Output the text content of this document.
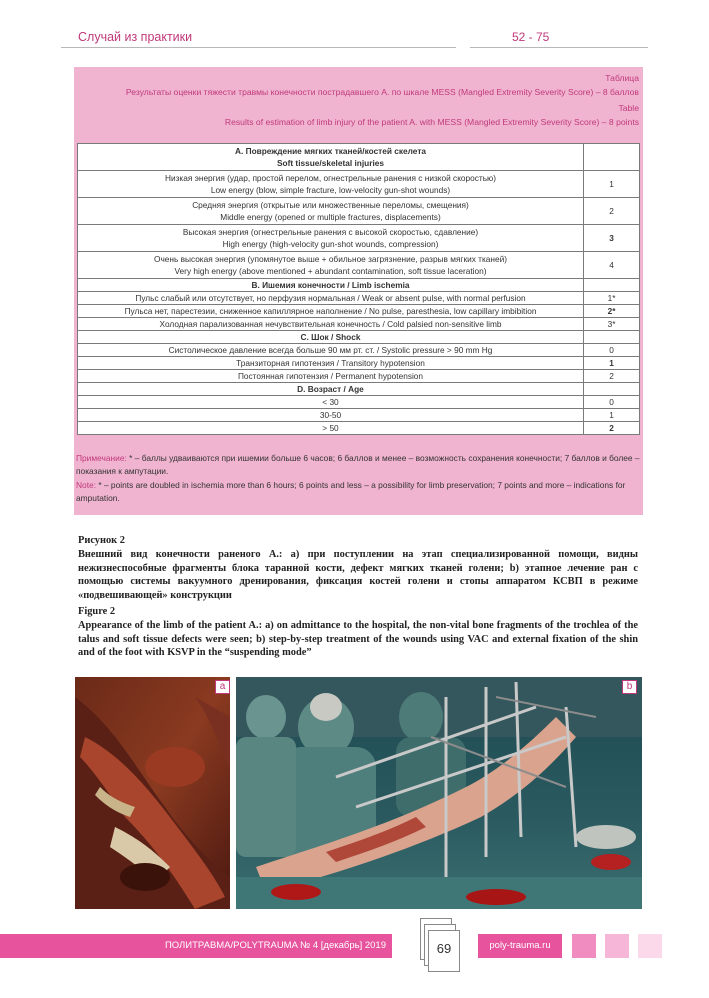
Случай из практики	52 - 75
Таблица
Результаты оценки тяжести травмы конечности пострадавшего А. по шкале MESS (Mangled Extremity Severity Score) – 8 баллов
Table
Results of estimation of limb injury of the patient A. with MESS (Mangled Extremity Severity Score) – 8 points
A. Повреждение мягких тканей/костей скелета
Soft tissue/skeletal injuries	

Низкая энергия (удар, простой перелом, огнестрельные ранения с низкой скоростью)
Low energy (blow, simple fracture, low-velocity gun-shot wounds)	1

Средняя энергия (открытые или множественные переломы, смещения)
Middle energy (opened or multiple fractures, displacements)	2

Высокая энергия (огнестрельные ранения с высокой скоростью, сдавление)
High energy (high-velocity gun-shot wounds, compression)	3

Очень высокая энергия (упомянутое выше + обильное загрязнение, разрыв мягких тканей)
Very high energy (above mentioned + abundant contamination, soft tissue laceration)	4
B. Ишемия конечности / Limb ischemia	
Пульс слабый или отсутствует, но перфузия нормальная / Weak or absent pulse, with normal perfusion	1*
Пульса нет, парестезии, сниженное капиллярное наполнение / No pulse, paresthesia, low capillary imbibition	2*
Холодная парализованная нечувствительная конечность / Cold palsied non-sensitive limb	3*
C. Шок / Shock	
Систолическое давление всегда больше 90 мм рт. ст. / Systolic pressure > 90 mm Hg	0
Транзиторная гипотензия / Transitory hypotension	1
Постоянная гипотензия / Permanent hypotension	2
D. Возраст / Age	
< 30	0
30-50	1
> 50	2
Примечание: * – баллы удваиваются при ишемии больше 6 часов; 6 баллов и менее – возможность сохранения конечности; 7 баллов и более – показания к ампутации.
Note: * – points are doubled in ischemia more than 6 hours; 6 points and less – a possibility for limb preservation; 7 points and more – indications for amputation.
Рисунок 2
Внешний вид конечности раненого А.: а) при поступлении на этап специализированной помощи, видны нежизнеспособные фрагменты блока таранной кости, дефект мягких тканей голени; b) этапное лечение ран с помощью системы вакуумного дренирования, фиксация костей голени и стопы аппаратом КСВП в режиме «подвешивающей» конструкции
Figure 2
Appearance of the limb of the patient A.: a) on admittance to the hospital, the non-vital bone fragments of the trochlea of the talus and soft tissue defects were seen; b) step-by-step treatment of the wounds using VAC and external fixation of the shin and of the foot with KSVP in the “suspending mode”
a	b
ПОЛИТРАВМА/POLYTRAUMA № 4 [декабрь] 2019	69	poly-trauma.ru
